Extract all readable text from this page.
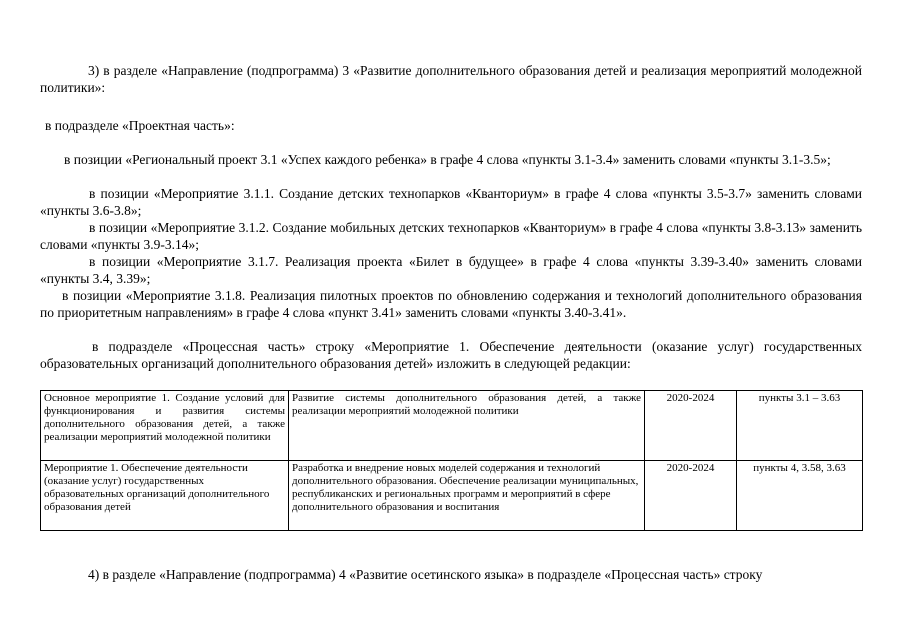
3) в разделе «Направление (подпрограмма) 3 «Развитие дополнительного образования детей и реализация мероприятий молодежной политики»:

в подразделе «Проектная часть»:

в позиции «Региональный проект 3.1 «Успех каждого ребенка» в графе 4 слова «пункты 3.1-3.4» заменить словами «пункты 3.1-3.5»;

в позиции «Мероприятие 3.1.1. Создание детских технопарков «Кванториум» в графе 4 слова «пункты 3.5-3.7» заменить словами «пункты 3.6-3.8»;

в позиции «Мероприятие 3.1.2. Создание мобильных детских технопарков «Кванториум» в графе 4 слова «пункты 3.8-3.13» заменить словами «пункты 3.9-3.14»;

в позиции «Мероприятие 3.1.7. Реализация проекта «Билет в будущее» в графе 4 слова «пункты 3.39-3.40» заменить словами «пункты 3.4, 3.39»;

в позиции «Мероприятие 3.1.8. Реализация пилотных проектов по обновлению содержания и технологий дополнительного образования по приоритетным направлениям» в графе 4 слова «пункт 3.41» заменить словами «пункты 3.40-3.41».

в подразделе «Процессная часть» строку «Мероприятие 1. Обеспечение деятельности (оказание услуг) государственных образовательных организаций дополнительного образования детей» изложить в следующей редакции:

Основное мероприятие 1. Создание условий для функционирования и развития системы дополнительного образования детей, а также реализации мероприятий молодежной политики	Развитие системы дополнительного образования детей, а также реализации мероприятий молодежной политики	2020-2024	пункты 3.1 – 3.63
Мероприятие 1. Обеспечение деятельности (оказание услуг) государственных образовательных организаций дополнительного образования детей	Разработка и внедрение новых моделей содержания и технологий дополнительного образования. Обеспечение реализации муниципальных, республиканских и региональных программ и мероприятий в сфере дополнительного образования и воспитания	2020-2024	пункты 4, 3.58, 3.63

4) в разделе «Направление (подпрограмма) 4 «Развитие осетинского языка» в подразделе «Процессная часть» строку
